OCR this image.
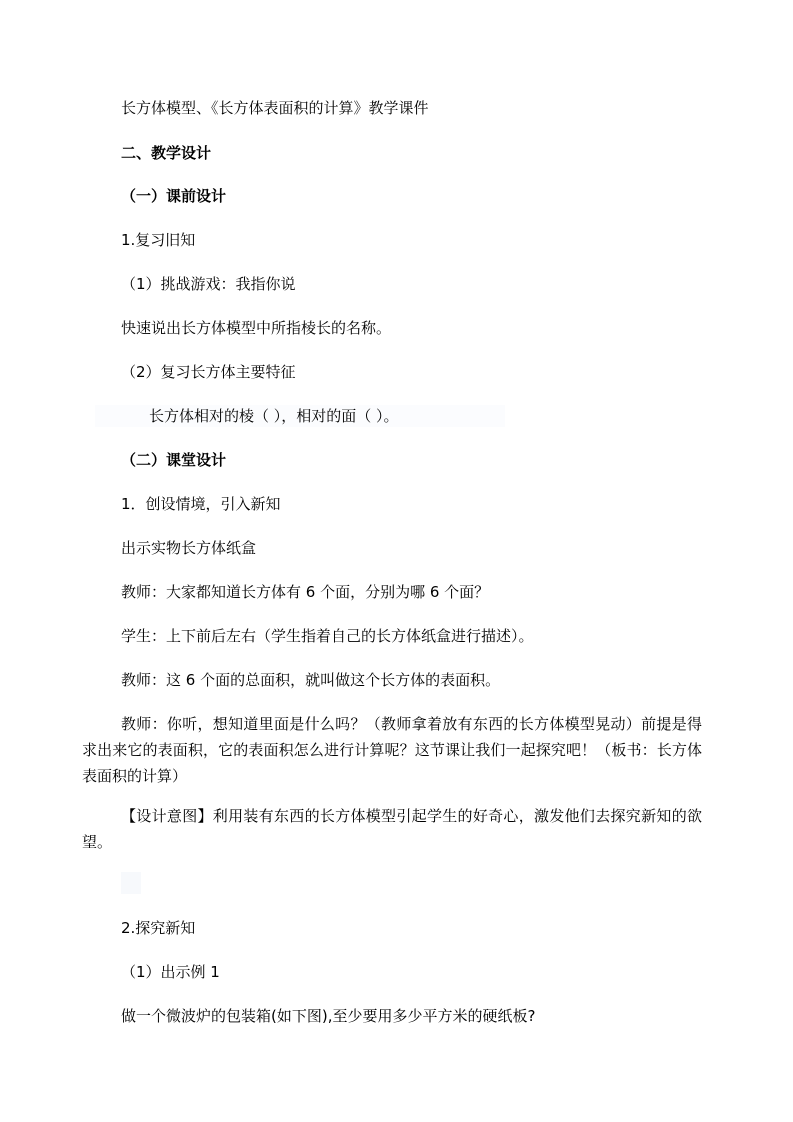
长方体模型、《长方体表面积的计算》教学课件

二、教学设计

（一）课前设计

1.复习旧知

（1）挑战游戏：我指你说

快速说出长方体模型中所指棱长的名称。

（2）复习长方体主要特征

长方体相对的棱（ ），相对的面（ ）。

（二）课堂设计

1．创设情境，引入新知

出示实物长方体纸盒

教师：大家都知道长方体有 6 个面，分别为哪 6 个面？

学生：上下前后左右（学生指着自己的长方体纸盒进行描述）。

教师：这 6 个面的总面积，就叫做这个长方体的表面积。

教师：你听，想知道里面是什么吗？（教师拿着放有东西的长方体模型晃动）前提是得求出来它的表面积，它的表面积怎么进行计算呢？这节课让我们一起探究吧！（板书：长方体表面积的计算）

【设计意图】利用装有东西的长方体模型引起学生的好奇心，激发他们去探究新知的欲望。

2.探究新知

（1）出示例 1

做一个微波炉的包装箱(如下图),至少要用多少平方米的硬纸板?
